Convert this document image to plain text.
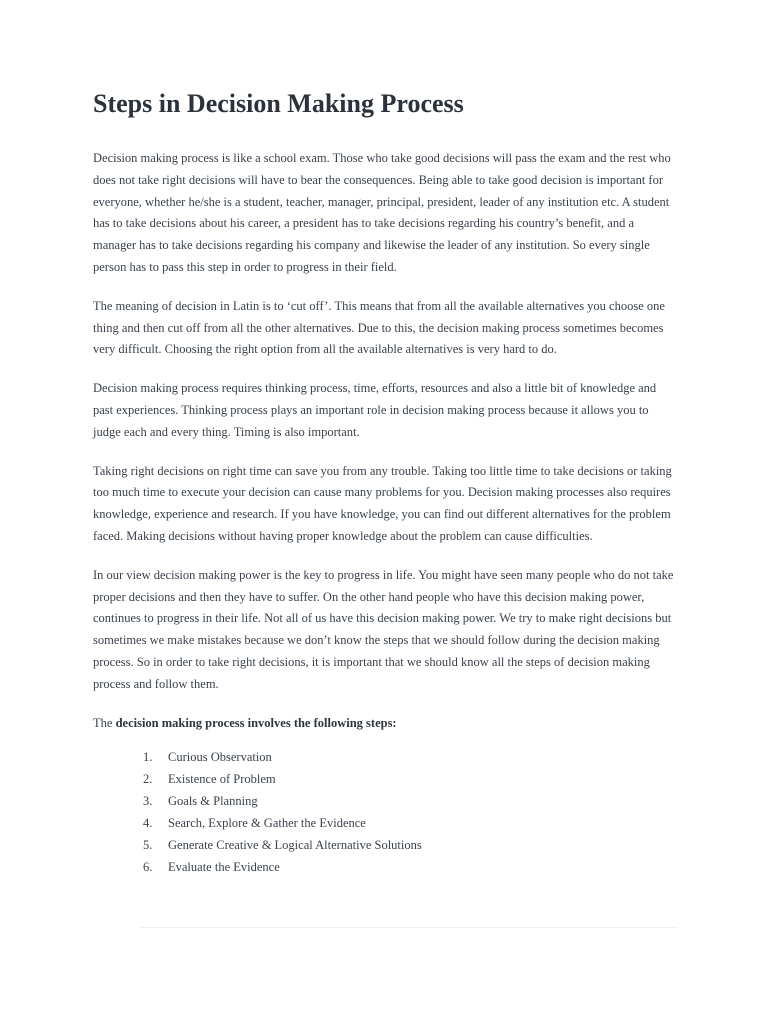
Steps in Decision Making Process

Decision making process is like a school exam. Those who take good decisions will pass the exam and the rest who does not take right decisions will have to bear the consequences. Being able to take good decision is important for everyone, whether he/she is a student, teacher, manager, principal, president, leader of any institution etc. A student has to take decisions about his career, a president has to take decisions regarding his country’s benefit, and a manager has to take decisions regarding his company and likewise the leader of any institution. So every single person has to pass this step in order to progress in their field.

The meaning of decision in Latin is to ‘cut off’. This means that from all the available alternatives you choose one thing and then cut off from all the other alternatives. Due to this, the decision making process sometimes becomes very difficult. Choosing the right option from all the available alternatives is very hard to do.

Decision making process requires thinking process, time, efforts, resources and also a little bit of knowledge and past experiences. Thinking process plays an important role in decision making process because it allows you to judge each and every thing. Timing is also important.

Taking right decisions on right time can save you from any trouble. Taking too little time to take decisions or taking too much time to execute your decision can cause many problems for you. Decision making processes also requires knowledge, experience and research. If you have knowledge, you can find out different alternatives for the problem faced. Making decisions without having proper knowledge about the problem can cause difficulties.

In our view decision making power is the key to progress in life. You might have seen many people who do not take proper decisions and then they have to suffer. On the other hand people who have this decision making power, continues to progress in their life. Not all of us have this decision making power. We try to make right decisions but sometimes we make mistakes because we don’t know the steps that we should follow during the decision making process. So in order to take right decisions, it is important that we should know all the steps of decision making process and follow them.

The decision making process involves the following steps:

1. Curious Observation
2. Existence of Problem
3. Goals & Planning
4. Search, Explore & Gather the Evidence
5. Generate Creative & Logical Alternative Solutions
6. Evaluate the Evidence
